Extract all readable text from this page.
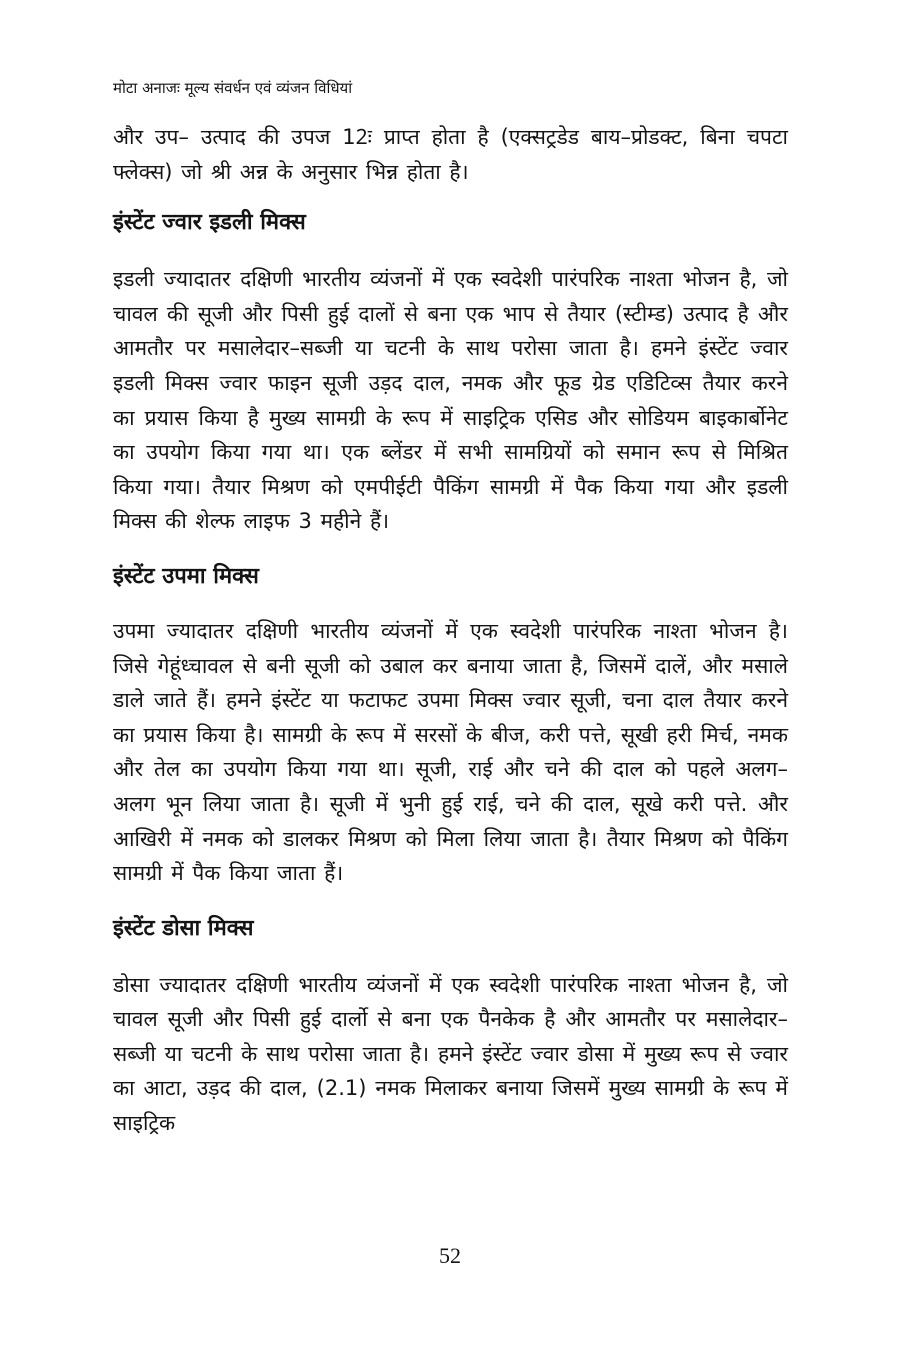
मोटा अनाजः मूल्य संवर्धन एवं व्यंजन विधियां

और उप– उत्पाद की उपज 12ः प्राप्त होता है (एक्सट्रडेड बाय–प्रोडक्ट, बिना चपटा फ्लेक्स) जो श्री अन्न के अनुसार भिन्न होता है।

इंस्टेंट ज्वार इडली मिक्स

इडली ज्यादातर दक्षिणी भारतीय व्यंजनों में एक स्वदेशी पारंपरिक नाश्ता भोजन है, जो चावल की सूजी और पिसी हुई दालों से बना एक भाप से तैयार (स्टीम्ड) उत्पाद है और आमतौर पर मसालेदार–सब्जी या चटनी के साथ परोसा जाता है। हमने इंस्टेंट ज्वार इडली मिक्स ज्वार फाइन सूजी उड़द दाल, नमक और फूड ग्रेड एडिटिव्स तैयार करने का प्रयास किया है मुख्य सामग्री के रूप में साइट्रिक एसिड और सोडियम बाइकार्बोनेट का उपयोग किया गया था। एक ब्लेंडर में सभी सामग्रियों को समान रूप से मिश्रित किया गया। तैयार मिश्रण को एमपीईटी पैकिंग सामग्री में पैक किया गया और इडली मिक्स की शेल्फ लाइफ 3 महीने हैं।

इंस्टेंट उपमा मिक्स

उपमा ज्यादातर दक्षिणी भारतीय व्यंजनों में एक स्वदेशी पारंपरिक नाश्ता भोजन है। जिसे गेहूंध्चावल से बनी सूजी को उबाल कर बनाया जाता है, जिसमें दालें, और मसाले डाले जाते हैं। हमने इंस्टेंट या फटाफट उपमा मिक्स ज्वार सूजी, चना दाल तैयार करने का प्रयास किया है। सामग्री के रूप में सरसों के बीज, करी पत्ते, सूखी हरी मिर्च, नमक और तेल का उपयोग किया गया था। सूजी, राई और चने की दाल को पहले अलग–अलग भून लिया जाता है। सूजी में भुनी हुई राई, चने की दाल, सूखे करी पत्ते. और आखिरी में नमक को डालकर मिश्रण को मिला लिया जाता है। तैयार मिश्रण को पैकिंग सामग्री में पैक किया जाता हैं।

इंस्टेंट डोसा मिक्स

डोसा ज्यादातर दक्षिणी भारतीय व्यंजनों में एक स्वदेशी पारंपरिक नाश्ता भोजन है, जो चावल सूजी और पिसी हुई दार्लो से बना एक पैनकेक है और आमतौर पर मसालेदार–सब्जी या चटनी के साथ परोसा जाता है। हमने इंस्टेंट ज्वार डोसा में मुख्य रूप से ज्वार का आटा, उड़द की दाल, (2.1) नमक मिलाकर बनाया जिसमें मुख्य सामग्री के रूप में साइट्रिक

52
